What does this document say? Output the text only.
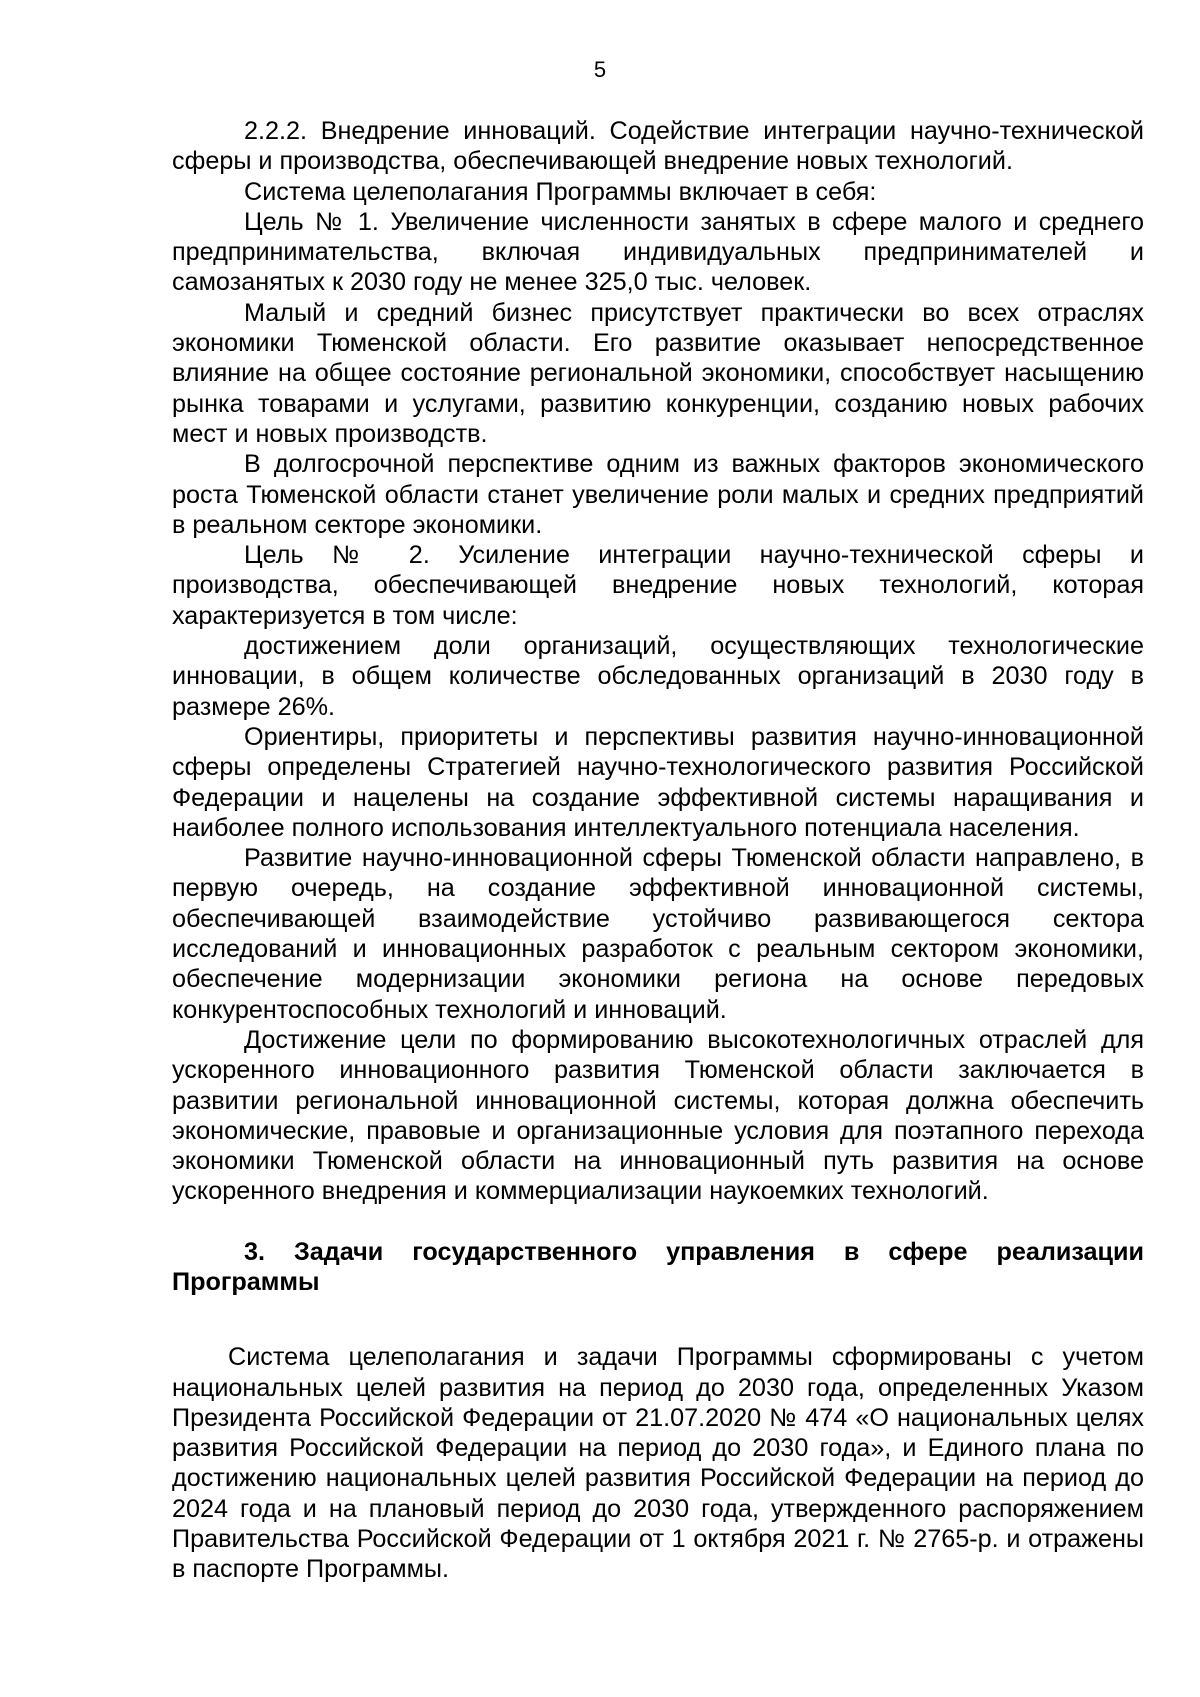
5

2.2.2. Внедрение инноваций. Содействие интеграции научно-технической сферы и производства, обеспечивающей внедрение новых технологий.

Система целеполагания Программы включает в себя:

Цель № 1. Увеличение численности занятых в сфере малого и среднего предпринимательства, включая индивидуальных предпринимателей и самозанятых к 2030 году не менее 325,0 тыс. человек.

Малый и средний бизнес присутствует практически во всех отраслях экономики Тюменской области. Его развитие оказывает непосредственное влияние на общее состояние региональной экономики, способствует насыщению рынка товарами и услугами, развитию конкуренции, созданию новых рабочих мест и новых производств.

В долгосрочной перспективе одним из важных факторов экономического роста Тюменской области станет увеличение роли малых и средних предприятий в реальном секторе экономики.

Цель № 2. Усиление интеграции научно-технической сферы и производства, обеспечивающей внедрение новых технологий, которая характеризуется в том числе:

достижением доли организаций, осуществляющих технологические инновации, в общем количестве обследованных организаций в 2030 году в размере 26%.

Ориентиры, приоритеты и перспективы развития научно-инновационной сферы определены Стратегией научно-технологического развития Российской Федерации и нацелены на создание эффективной системы наращивания и наиболее полного использования интеллектуального потенциала населения.

Развитие научно-инновационной сферы Тюменской области направлено, в первую очередь, на создание эффективной инновационной системы, обеспечивающей взаимодействие устойчиво развивающегося сектора исследований и инновационных разработок с реальным сектором экономики, обеспечение модернизации экономики региона на основе передовых конкурентоспособных технологий и инноваций.

Достижение цели по формированию высокотехнологичных отраслей для ускоренного инновационного развития Тюменской области заключается в развитии региональной инновационной системы, которая должна обеспечить экономические, правовые и организационные условия для поэтапного перехода экономики Тюменской области на инновационный путь развития на основе ускоренного внедрения и коммерциализации наукоемких технологий.

3. Задачи государственного управления в сфере реализации Программы

Система целеполагания и задачи Программы сформированы с учетом национальных целей развития на период до 2030 года, определенных Указом Президента Российской Федерации от 21.07.2020 № 474 «О национальных целях развития Российской Федерации на период до 2030 года», и Единого плана по достижению национальных целей развития Российской Федерации на период до 2024 года и на плановый период до 2030 года, утвержденного распоряжением Правительства Российской Федерации от 1 октября 2021 г. № 2765-р. и отражены в паспорте Программы.
